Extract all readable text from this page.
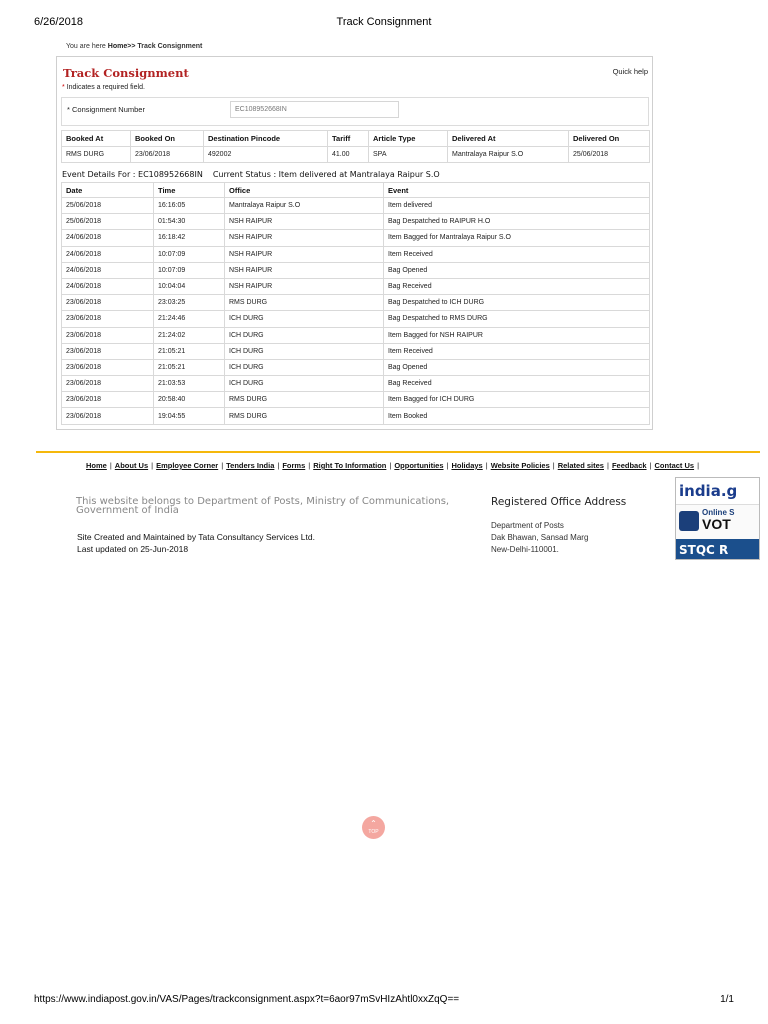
6/26/2018	Track Consignment
You are here Home>> Track Consignment
Track Consignment	Quick help
* Indicates a required field.
* Consignment Number
EC108952668IN
Booked At	Booked On	Destination Pincode	Tariff	Article Type	Delivered At	Delivered On
RMS DURG	23/06/2018	492002	41.00	SPA	Mantralaya Raipur S.O	25/06/2018
Event Details For : EC108952668IN Current Status : Item delivered at Mantralaya Raipur S.O
Date	Time	Office	Event
25/06/2018	16:16:05	Mantralaya Raipur S.O	Item delivered
25/06/2018	01:54:30	NSH RAIPUR	Bag Despatched to RAIPUR H.O
24/06/2018	16:18:42	NSH RAIPUR	Item Bagged for Mantralaya Raipur S.O
24/06/2018	10:07:09	NSH RAIPUR	Item Received
24/06/2018	10:07:09	NSH RAIPUR	Bag Opened
24/06/2018	10:04:04	NSH RAIPUR	Bag Received
23/06/2018	23:03:25	RMS DURG	Bag Despatched to ICH DURG
23/06/2018	21:24:46	ICH DURG	Bag Despatched to RMS DURG
23/06/2018	21:24:02	ICH DURG	Item Bagged for NSH RAIPUR
23/06/2018	21:05:21	ICH DURG	Item Received
23/06/2018	21:05:21	ICH DURG	Bag Opened
23/06/2018	21:03:53	ICH DURG	Bag Received
23/06/2018	20:58:40	RMS DURG	Item Bagged for ICH DURG
23/06/2018	19:04:55	RMS DURG	Item Booked
Home | About Us | Employee Corner | Tenders India | Forms | Right To Information | Opportunities | Holidays | Website Policies | Related sites | Feedback | Contact Us |
This website belongs to Department of Posts, Ministry of Communications, Government of India
Site Created and Maintained by Tata Consultancy Services Ltd.
Last updated on 25-Jun-2018
Registered Office Address
Department of Posts
Dak Bhawan, Sansad Marg
New-Delhi-110001.
india.g
Online S
VOT
STQC R
⌃
TOP
https://www.indiapost.gov.in/VAS/Pages/trackconsignment.aspx?t=6aor97mSvHIzAhtl0xxZqQ==	1/1
